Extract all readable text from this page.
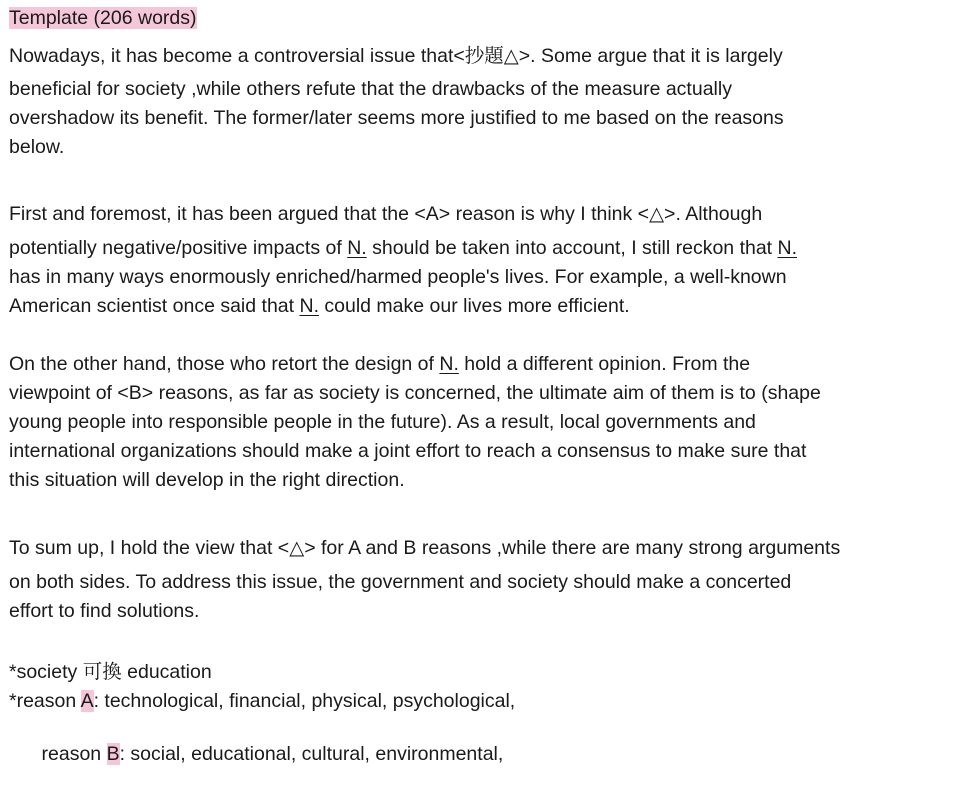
Template (206 words)
Nowadays, it has become a controversial issue that<抄題△>. Some argue that it is largely
beneficial for society ,while others refute that the drawbacks of the measure actually
overshadow its benefit. The former/later seems more justified to me based on the reasons
below.
First and foremost, it has been argued that the <A> reason is why I think <△>. Although
potentially negative/positive impacts of N. should be taken into account, I still reckon that N.
has in many ways enormously enriched/harmed people's lives. For example, a well-known
American scientist once said that N. could make our lives more efficient.
On the other hand, those who retort the design of N. hold a different opinion. From the
viewpoint of <B> reasons, as far as society is concerned, the ultimate aim of them is to (shape
young people into responsible people in the future). As a result, local governments and
international organizations should make a joint effort to reach a consensus to make sure that
this situation will develop in the right direction.
To sum up, I hold the view that <△> for A and B reasons ,while there are many strong arguments
on both sides. To address this issue, the government and society should make a concerted
effort to find solutions.
*society 可換 education
*reason A: technological, financial, physical, psychological,

reason B: social, educational, cultural, environmental,
